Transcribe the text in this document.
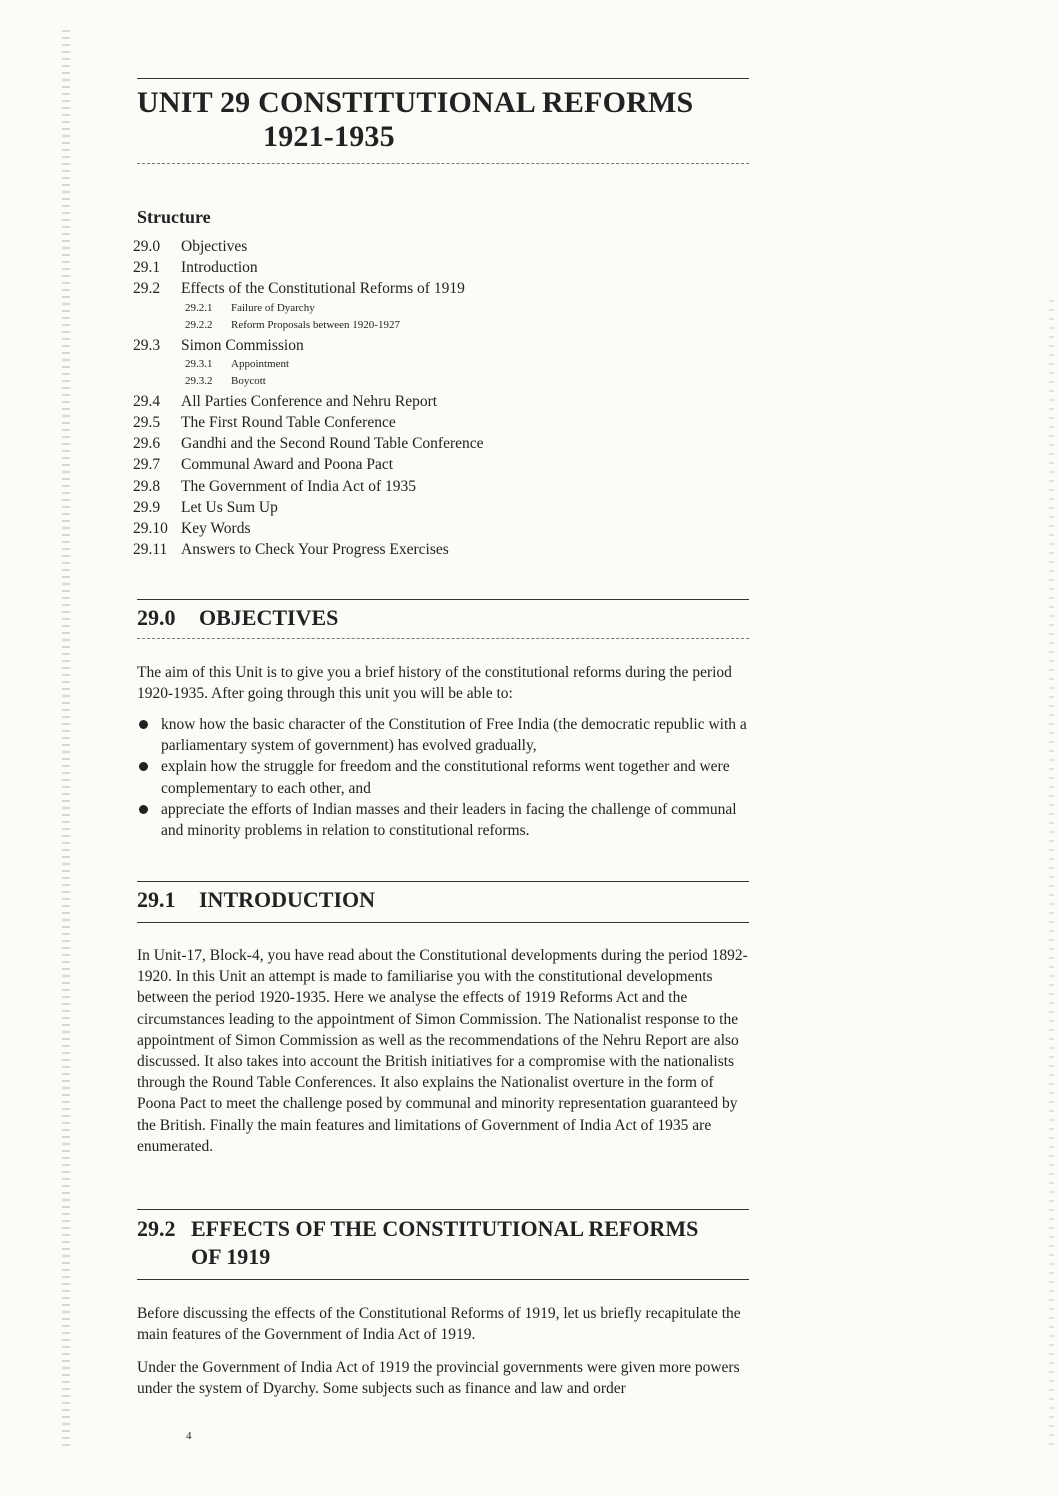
UNIT 29 CONSTITUTIONAL REFORMS
1921-1935
Structure
29.0	Objectives
29.1	Introduction
29.2	Effects of the Constitutional Reforms of 1919
29.2.1	Failure of Dyarchy
29.2.2	Reform Proposals between 1920-1927
29.3	Simon Commission
29.3.1	Appointment
29.3.2	Boycott
29.4	All Parties Conference and Nehru Report
29.5	The First Round Table Conference
29.6	Gandhi and the Second Round Table Conference
29.7	Communal Award and Poona Pact
29.8	The Government of India Act of 1935
29.9	Let Us Sum Up
29.10 Key Words
29.11 Answers to Check Your Progress Exercises
29.0 OBJECTIVES

The aim of this Unit is to give you a brief history of the constitutional reforms during the period 1920-1935. After going through this unit you will be able to:

know how the basic character of the Constitution of Free India (the democratic republic with a parliamentary system of government) has evolved gradually,
explain how the struggle for freedom and the constitutional reforms went together and were complementary to each other, and
appreciate the efforts of Indian masses and their leaders in facing the challenge of communal and minority problems in relation to constitutional reforms.
29.1 INTRODUCTION

In Unit-17, Block-4, you have read about the Constitutional developments during the period 1892-1920. In this Unit an attempt is made to familiarise you with the constitutional developments between the period 1920-1935. Here we analyse the effects of 1919 Reforms Act and the circumstances leading to the appointment of Simon Commission. The Nationalist response to the appointment of Simon Commission as well as the recommendations of the Nehru Report are also discussed. It also takes into account the British initiatives for a compromise with the nationalists through the Round Table Conferences. It also explains the Nationalist overture in the form of Poona Pact to meet the challenge posed by communal and minority representation guaranteed by the British. Finally the main features and limitations of Government of India Act of 1935 are enumerated.

29.2 EFFECTS OF THE CONSTITUTIONAL REFORMS
OF 1919

Before discussing the effects of the Constitutional Reforms of 1919, let us briefly recapitulate the main features of the Government of India Act of 1919.

Under the Government of India Act of 1919 the provincial governments were given more powers under the system of Dyarchy. Some subjects such as finance and law and order

4
